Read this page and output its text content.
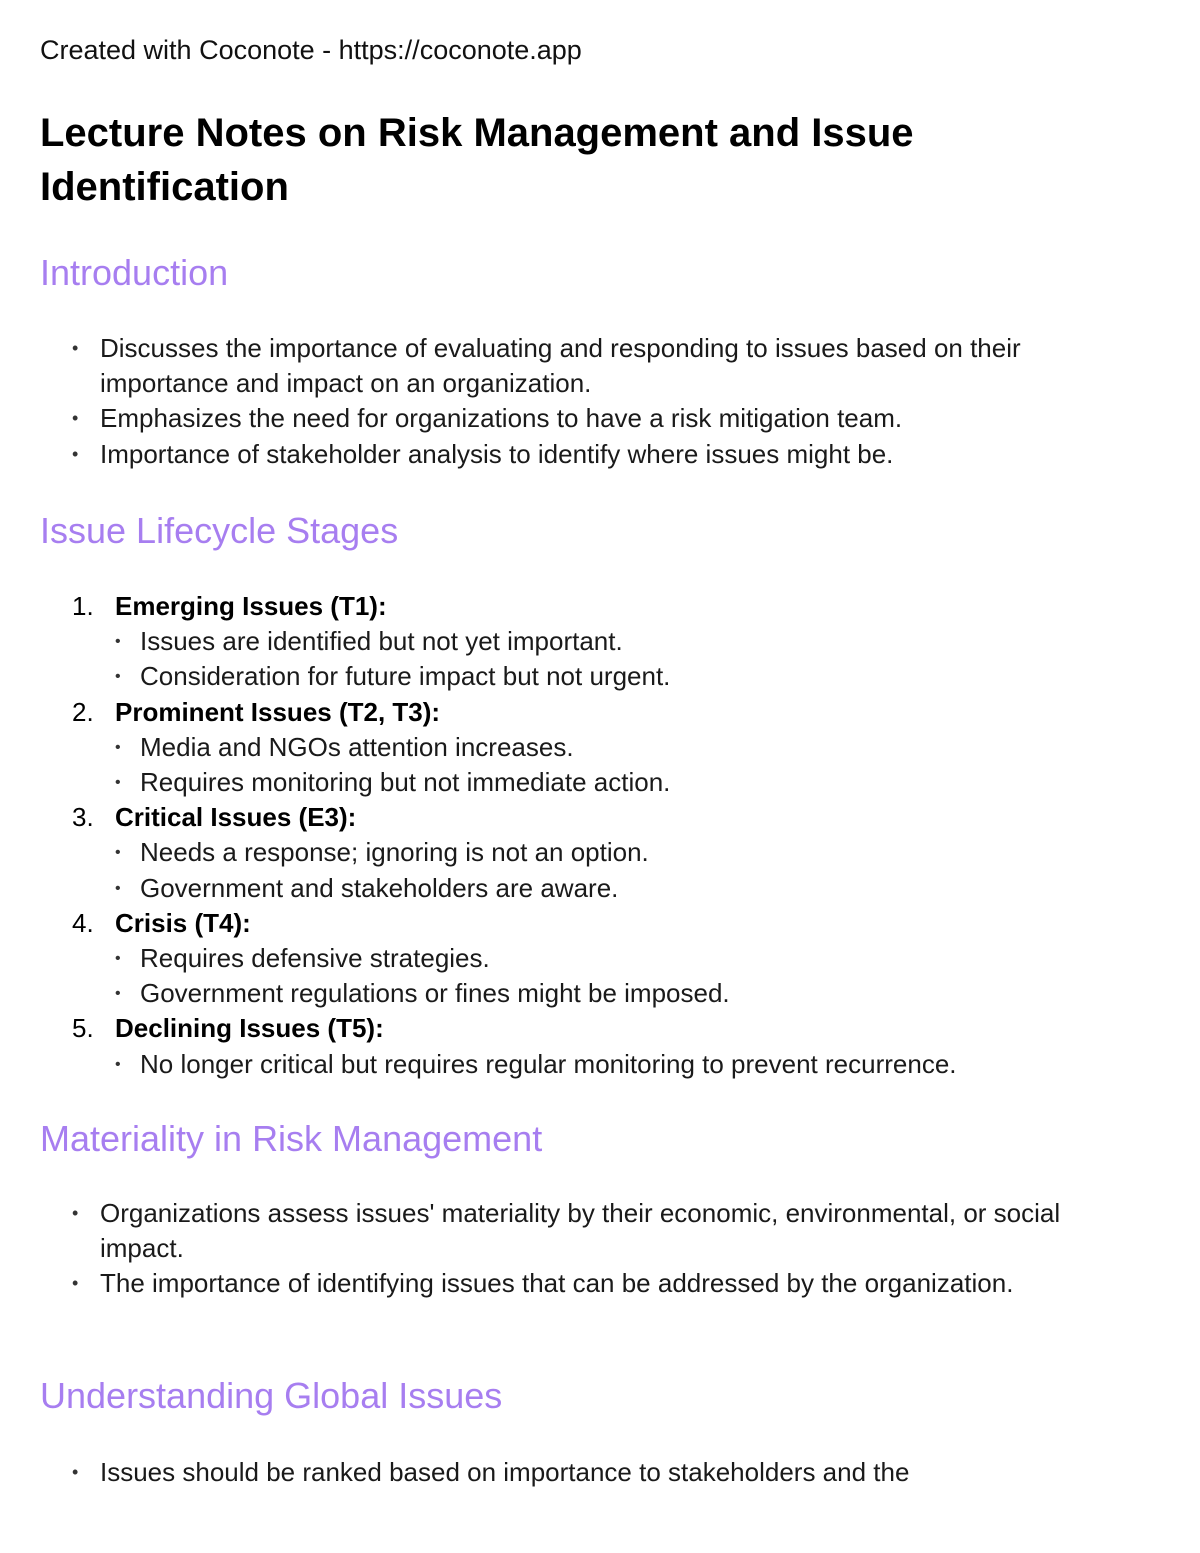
Created with Coconote - https://coconote.app
Lecture Notes on Risk Management and Issue Identification
Introduction
• Discusses the importance of evaluating and responding to issues based on their importance and impact on an organization.
• Emphasizes the need for organizations to have a risk mitigation team.
• Importance of stakeholder analysis to identify where issues might be.
Issue Lifecycle Stages
1. Emerging Issues (T1):
• Issues are identified but not yet important.
• Consideration for future impact but not urgent.
2. Prominent Issues (T2, T3):
• Media and NGOs attention increases.
• Requires monitoring but not immediate action.
3. Critical Issues (E3):
• Needs a response; ignoring is not an option.
• Government and stakeholders are aware.
4. Crisis (T4):
• Requires defensive strategies.
• Government regulations or fines might be imposed.
5. Declining Issues (T5):
• No longer critical but requires regular monitoring to prevent recurrence.
Materiality in Risk Management
• Organizations assess issues' materiality by their economic, environmental, or social impact.
• The importance of identifying issues that can be addressed by the organization.
Understanding Global Issues
• Issues should be ranked based on importance to stakeholders and the
